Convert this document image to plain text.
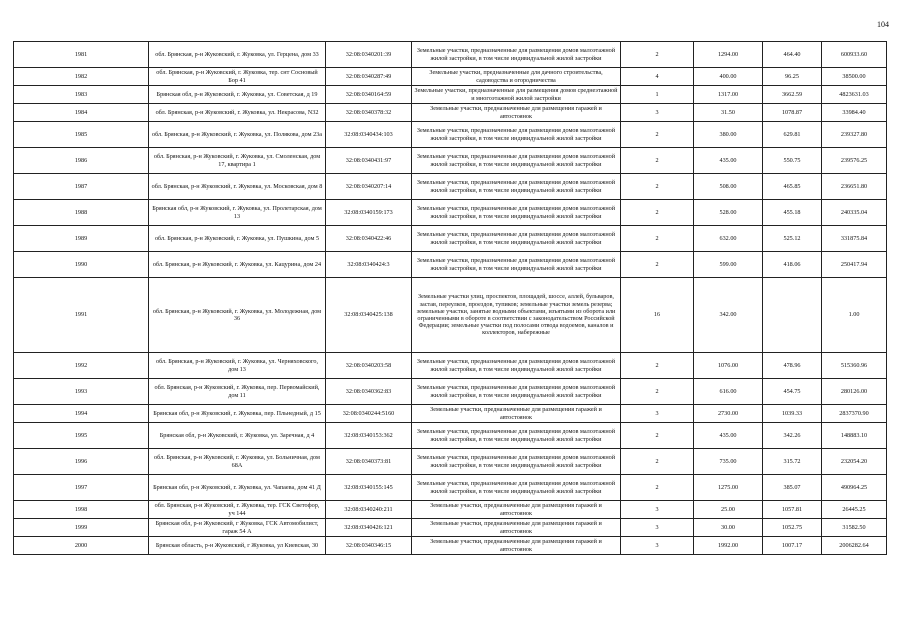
104
1981	обл. Брянская, р-н Жуковский, г. Жуковка, ул. Герцена, дом 33	32:08:0340201:39	Земельные участки, предназначенные для размещения домов малоэтажной жилой застройки, в том числе индивидуальной жилой застройки	2	1294.00	464.40	600933.60
1982	обл. Брянская, р-н Жуковский, г. Жуковка, тер. снт Сосновый Бор 41	32:08:0340287:49	Земельные участки, предназначенные для дачного строительства, садоводства и огородничества	4	400.00	96.25	38500.00
1983	Брянская обл, р-н Жуковский, г. Жуковка, ул. Советская, д 19	32:08:0340164:59	Земельные участки, предназначенные для размещения домов среднеэтажной и многоэтажной жилой застройки	1	1317.00	3662.59	4823631.03
1984	обл. Брянская, р-н Жуковский, г. Жуковка, ул. Некрасова, N32	32:08:0340378:32	Земельные участки, предназначенные для размещения гаражей и автостоянок	3	31.50	1078.87	33984.40
1985	обл. Брянская, р-н Жуковский, г. Жуковка, ул. Полякова, дом 23а	32:08:0340434:103	Земельные участки, предназначенные для размещения домов малоэтажной жилой застройки, в том числе индивидуальной жилой застройки	2	380.00	629.81	239327.80
1986	обл. Брянская, р-н Жуковский, г. Жуковка, ул. Смоленская, дом 17, квартира 1	32:08:0340431:97	Земельные участки, предназначенные для размещения домов малоэтажной жилой застройки, в том числе индивидуальной жилой застройки	2	435.00	550.75	239576.25
1987	обл. Брянская, р-н Жуковский, г. Жуковка, ул. Московская, дом 8	32:08:0340207:14	Земельные участки, предназначенные для размещения домов малоэтажной жилой застройки, в том числе индивидуальной жилой застройки	2	508.00	465.85	236651.80
1988	Брянская обл, р-н Жуковский, г. Жуковка, ул. Пролетарская, дом 13	32:08:0340159:173	Земельные участки, предназначенные для размещения домов малоэтажной жилой застройки, в том числе индивидуальной жилой застройки	2	528.00	455.18	240335.04
1989	обл. Брянская, р-н Жуковский, г. Жуковка, ул. Пушкина, дом 5	32:08:0340422:46	Земельные участки, предназначенные для размещения домов малоэтажной жилой застройки, в том числе индивидуальной жилой застройки	2	632.00	525.12	331875.84
1990	обл. Брянская, р-н Жуковский, г. Жуковка, ул. Кацурина, дом 24	32:08:0340424:3	Земельные участки, предназначенные для размещения домов малоэтажной жилой застройки, в том числе индивидуальной жилой застройки	2	599.00	418.06	250417.94
1991	обл. Брянская, р-н Жуковский, г. Жуковка, ул. Молодежная, дом 36	32:08:0340425:138	Земельные участки улиц, проспектов, площадей, шоссе, аллей, бульваров, застав, переулков, проездов, тупиков; земельные участки земель резерва; земельные участки, занятые водными объектами, изъятыми из оборота или ограниченными в обороте в соответствии с законодательством Российской Федерации; земельные участки под полосами отвода водоемов, каналов и коллекторов, набережные	16	342.00		1.00
1992	обл. Брянская, р-н Жуковский, г. Жуковка, ул. Черняховского, дом 13	32:08:0340203:58	Земельные участки, предназначенные для размещения домов малоэтажной жилой застройки, в том числе индивидуальной жилой застройки	2	1076.00	478.96	515360.96
1993	обл. Брянская, р-н Жуковский, г. Жуковка, пер. Первомайский, дом 11	32:08:0340362:83	Земельные участки, предназначенные для размещения домов малоэтажной жилой застройки, в том числе индивидуальной жилой застройки	2	616.00	454.75	280126.00
1994	Брянская обл, р-н Жуковский, г. Жуковка, пер. Пльнедный, д 15	32:08:0340244:5160	Земельные участки, предназначенные для размещения гаражей и автостоянок	3	2730.00	1039.33	2837370.90
1995	Брянская обл, р-н Жуковский, г. Жуковка, ул. Заречная, д 4	32:08:0340153:362	Земельные участки, предназначенные для размещения домов малоэтажной жилой застройки, в том числе индивидуальной жилой застройки	2	435.00	342.26	148883.10
1996	обл. Брянская, р-н Жуковский, г. Жуковка, ул. Больничная, дом 68А	32:08:0340373:81	Земельные участки, предназначенные для размещения домов малоэтажной жилой застройки, в том числе индивидуальной жилой застройки	2	735.00	315.72	232054.20
1997	Брянская обл, р-н Жуковский, г. Жуковка, ул. Чапаева, дом 41 Д	32:08:0340155:145	Земельные участки, предназначенные для размещения домов малоэтажной жилой застройки, в том числе индивидуальной жилой застройки	2	1275.00	385.07	490964.25
1998	обл. Брянская, р-н Жуковский, г. Жуковка, тер. ГСК Светофор, уч 144	32:08:0340240:211	Земельные участки, предназначенные для размещения гаражей и автостоянок	3	25.00	1057.81	26445.25
1999	Брянская обл, р-н Жуковский, г Жуковка, ГСК Автомобилист, гараж 54 А	32:08:0340426:121	Земельные участки, предназначенные для размещения гаражей и автостоянок	3	30.00	1052.75	31582.50
2000	Брянская область, р-н Жуковский, г Жуковка, ул Киевская, 30	32:08:0340346:15	Земельные участки, предназначенные для размещения гаражей и автостоянок	3	1992.00	1007.17	2006282.64
